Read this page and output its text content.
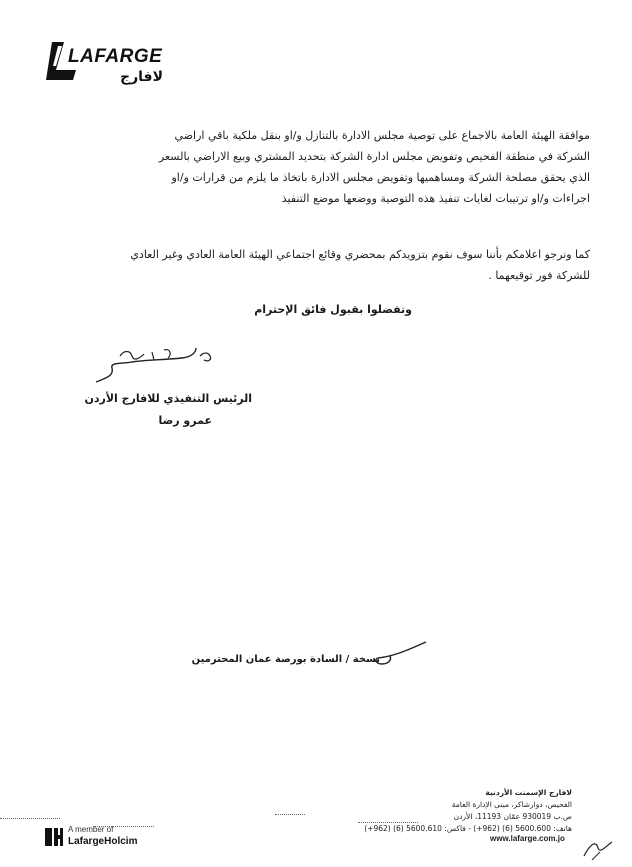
LAFARGE
لافارج
موافقة الهيئة العامة بالاجماع على توصية مجلس الادارة بالتنازل و/او بنقل ملكية باقي اراضي
الشركة في منطقة الفحيص وتفويض مجلس ادارة الشركة بتحديد المشتري وبيع الاراضي بالسعر
الذي يحقق مصلحة الشركة ومساهميها وتفويض مجلس الادارة باتخاذ ما يلزم من قرارات و/او
اجراءات و/او ترتيبات لغايات تنفيذ هذه التوصية ووضعها موضع التنفيذ
كما ونرجو اعلامكم بأننا سوف نقوم بتزويدكم بمحضري وقائع اجتماعي الهيئة العامة العادي وغير العادي
للشركة فور توقيعهما .
وتفضلوا بقبول فائق الإحترام
الرئيس التنفيذي للافارج الأردن
عمرو رضا
نسخة / السادة بورصة عمان المحترمين
لافارج الإسمنت الأردنية
الفحيص، دوارشاكر، مبنى الإدارة العامة
ص.ب 930019 عمّان 11193، الأردن
هاتف: 5600.600 (6) (962+) - فاكس: 5600.610 (6) (962+)
www.lafarge.com.jo
A member of
LafargeHolcim
